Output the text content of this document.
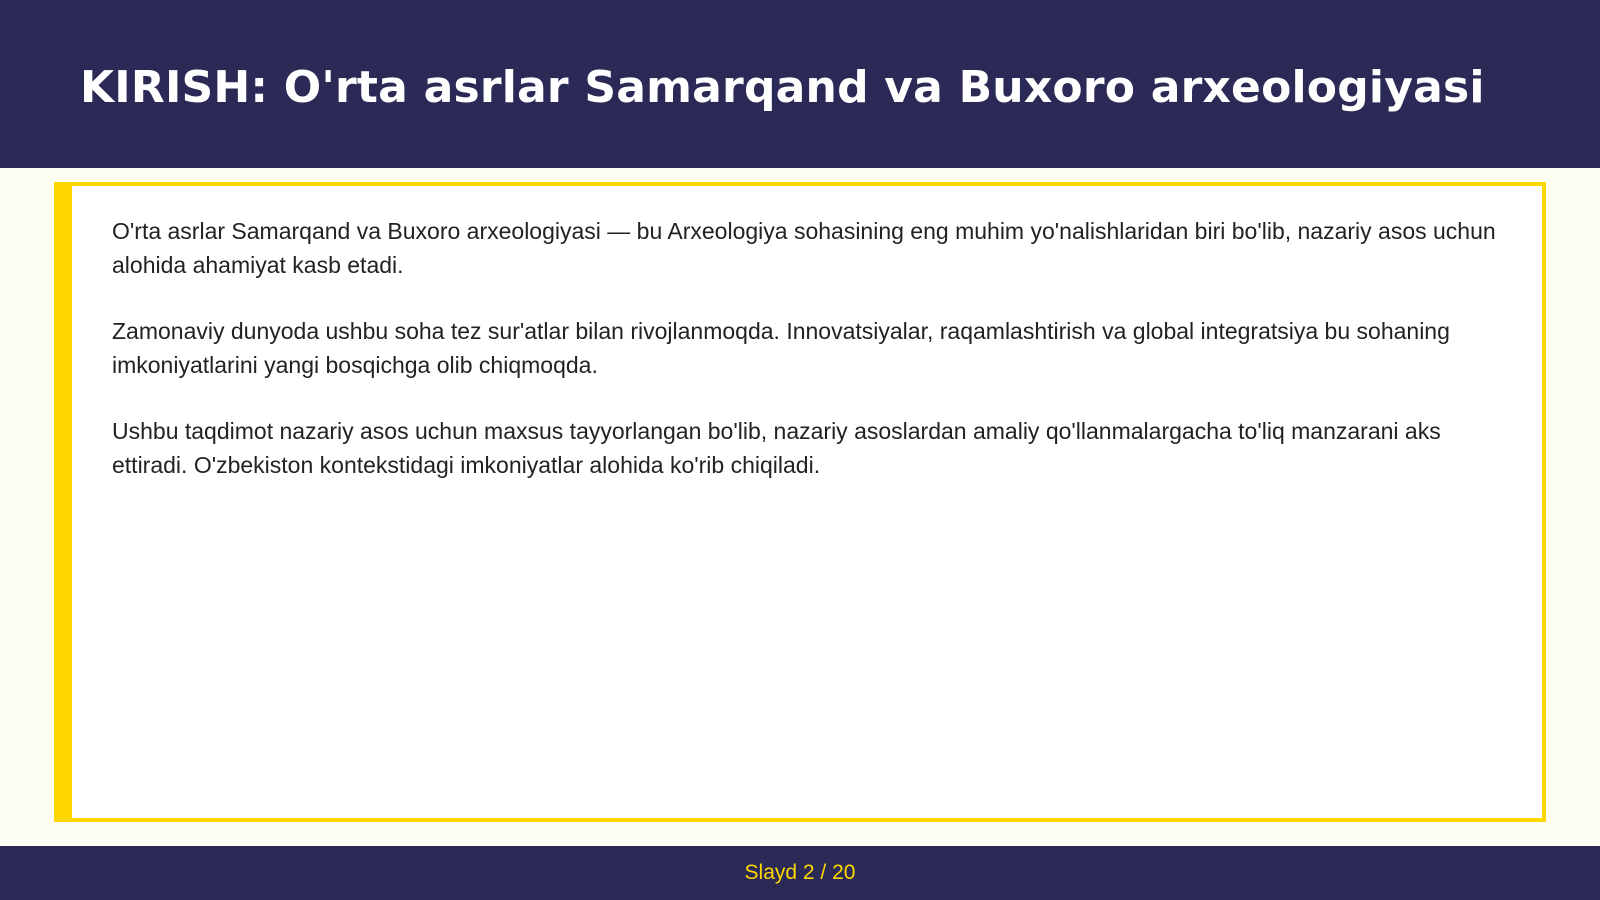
KIRISH: O'rta asrlar Samarqand va Buxoro arxeologiyasi

O'rta asrlar Samarqand va Buxoro arxeologiyasi — bu Arxeologiya sohasining eng muhim yo'nalishlaridan biri bo'lib, nazariy asos uchun alohida ahamiyat kasb etadi.

Zamonaviy dunyoda ushbu soha tez sur'atlar bilan rivojlanmoqda. Innovatsiyalar, raqamlashtirish va global integratsiya bu sohaning imkoniyatlarini yangi bosqichga olib chiqmoqda.

Ushbu taqdimot nazariy asos uchun maxsus tayyorlangan bo'lib, nazariy asoslardan amaliy qo'llanmalargacha to'liq manzarani aks ettiradi. O'zbekiston kontekstidagi imkoniyatlar alohida ko'rib chiqiladi.

Slayd 2 / 20
